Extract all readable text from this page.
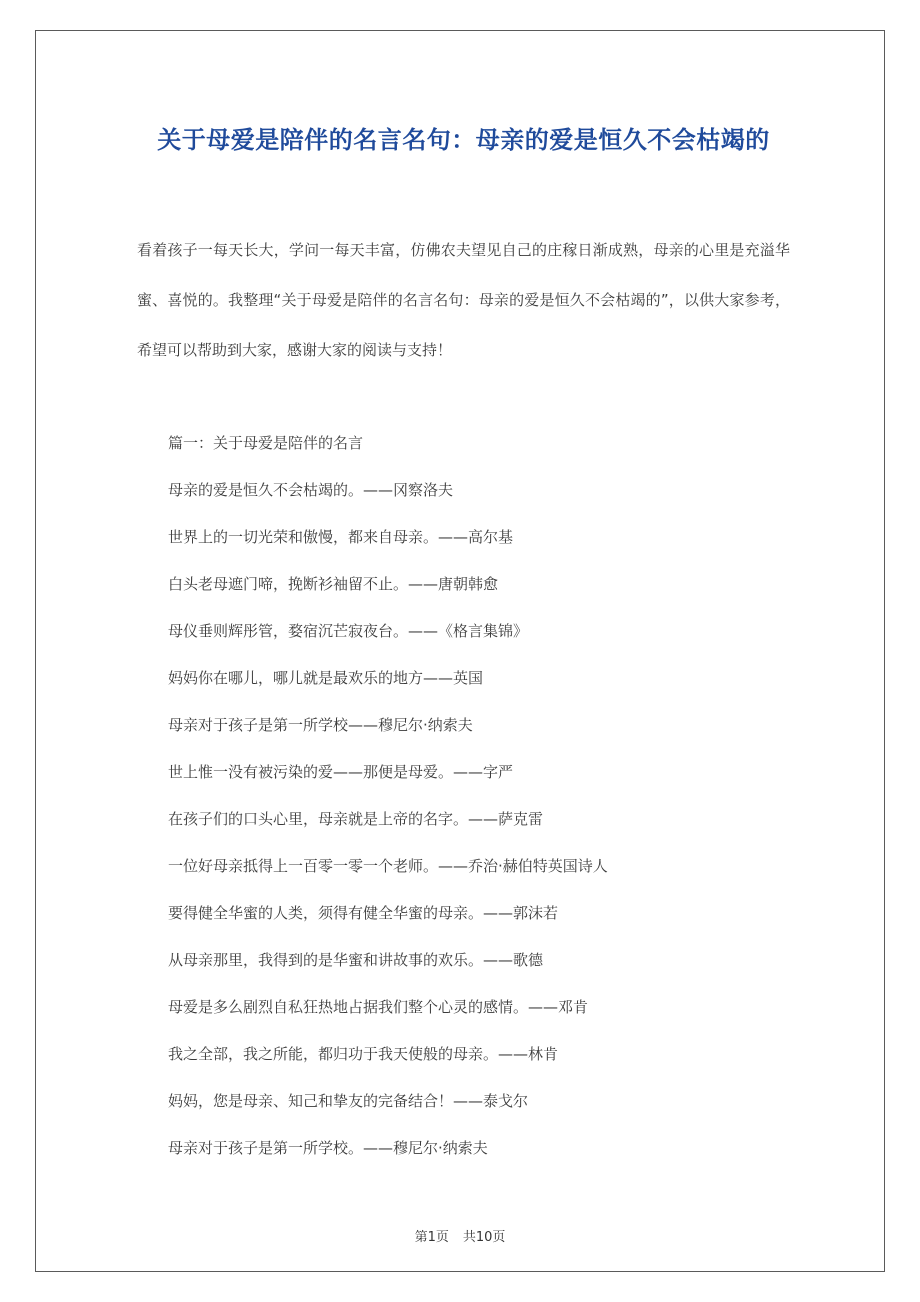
关于母爱是陪伴的名言名句：母亲的爱是恒久不会枯竭的

看着孩子一每天长大，学问一每天丰富，仿佛农夫望见自己的庄稼日渐成熟，母亲的心里是充溢华蜜、喜悦的。我整理“关于母爱是陪伴的名言名句：母亲的爱是恒久不会枯竭的”，以供大家参考，希望可以帮助到大家，感谢大家的阅读与支持！

篇一：关于母爱是陪伴的名言

母亲的爱是恒久不会枯竭的。——冈察洛夫

世界上的一切光荣和傲慢，都来自母亲。——高尔基

白头老母遮门啼，挽断衫袖留不止。——唐朝韩愈

母仪垂则辉彤管，婺宿沉芒寂夜台。——《格言集锦》

妈妈你在哪儿，哪儿就是最欢乐的地方——英国

母亲对于孩子是第一所学校——穆尼尔·纳索夫

世上惟一没有被污染的爱——那便是母爱。——字严

在孩子们的口头心里，母亲就是上帝的名字。——萨克雷

一位好母亲抵得上一百零一零一个老师。——乔治·赫伯特英国诗人

要得健全华蜜的人类，须得有健全华蜜的母亲。——郭沫若

从母亲那里，我得到的是华蜜和讲故事的欢乐。——歌德

母爱是多么剧烈自私狂热地占据我们整个心灵的感情。——邓肯

我之全部，我之所能，都归功于我天使般的母亲。——林肯

妈妈，您是母亲、知己和挚友的完备结合！——泰戈尔

母亲对于孩子是第一所学校。——穆尼尔·纳索夫

第1页 共10页
